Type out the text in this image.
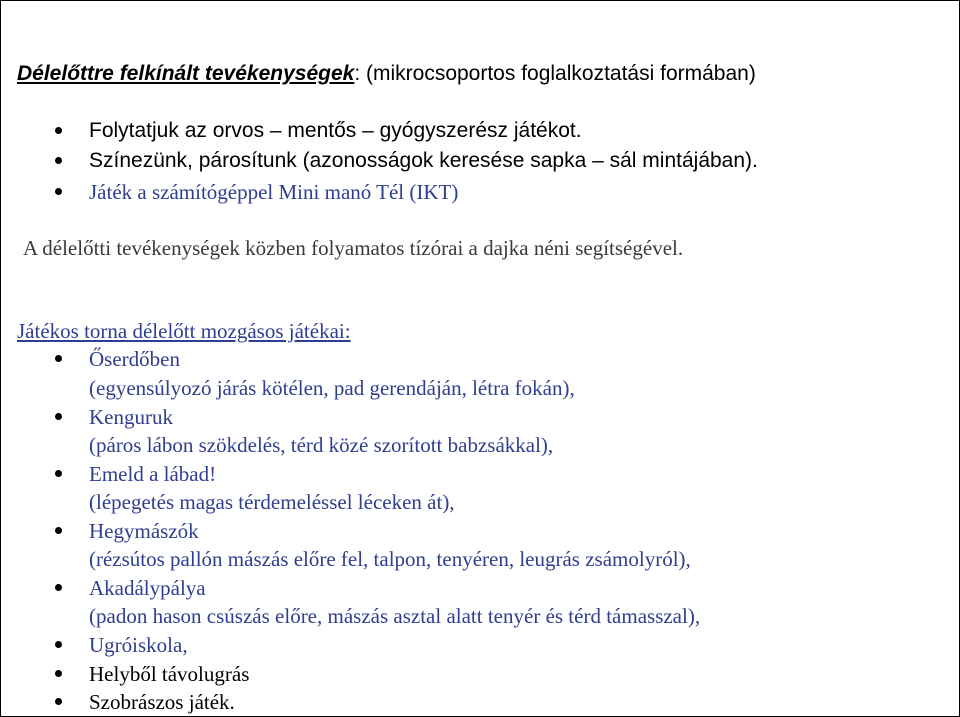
Délelőttre felkínált tevékenységek: (mikrocsoportos foglalkoztatási formában)
Folytatjuk az orvos – mentős – gyógyszerész játékot.
Színezünk, párosítunk (azonosságok keresése sapka – sál mintájában).
Játék a számítógéppel Mini manó Tél (IKT)
A délelőtti tevékenységek közben folyamatos tízórai a dajka néni segítségével.
Játékos torna délelőtt mozgásos játékai:
Őserdőben
(egyensúlyozó járás kötélen, pad gerendáján, létra fokán),
Kenguruk
(páros lábon szökdelés, térd közé szorított babzsákkal),
Emeld a lábad!
(lépegetés magas térdemeléssel léceken át),
Hegymászók
(rézsútos pallón mászás előre fel, talpon, tenyéren, leugrás zsámolyról),
Akadálypálya
(padon hason csúszás előre, mászás asztal alatt tenyér és térd támasszal),
Ugróiskola,
Helyből távolugrás
Szobrászos játék.
